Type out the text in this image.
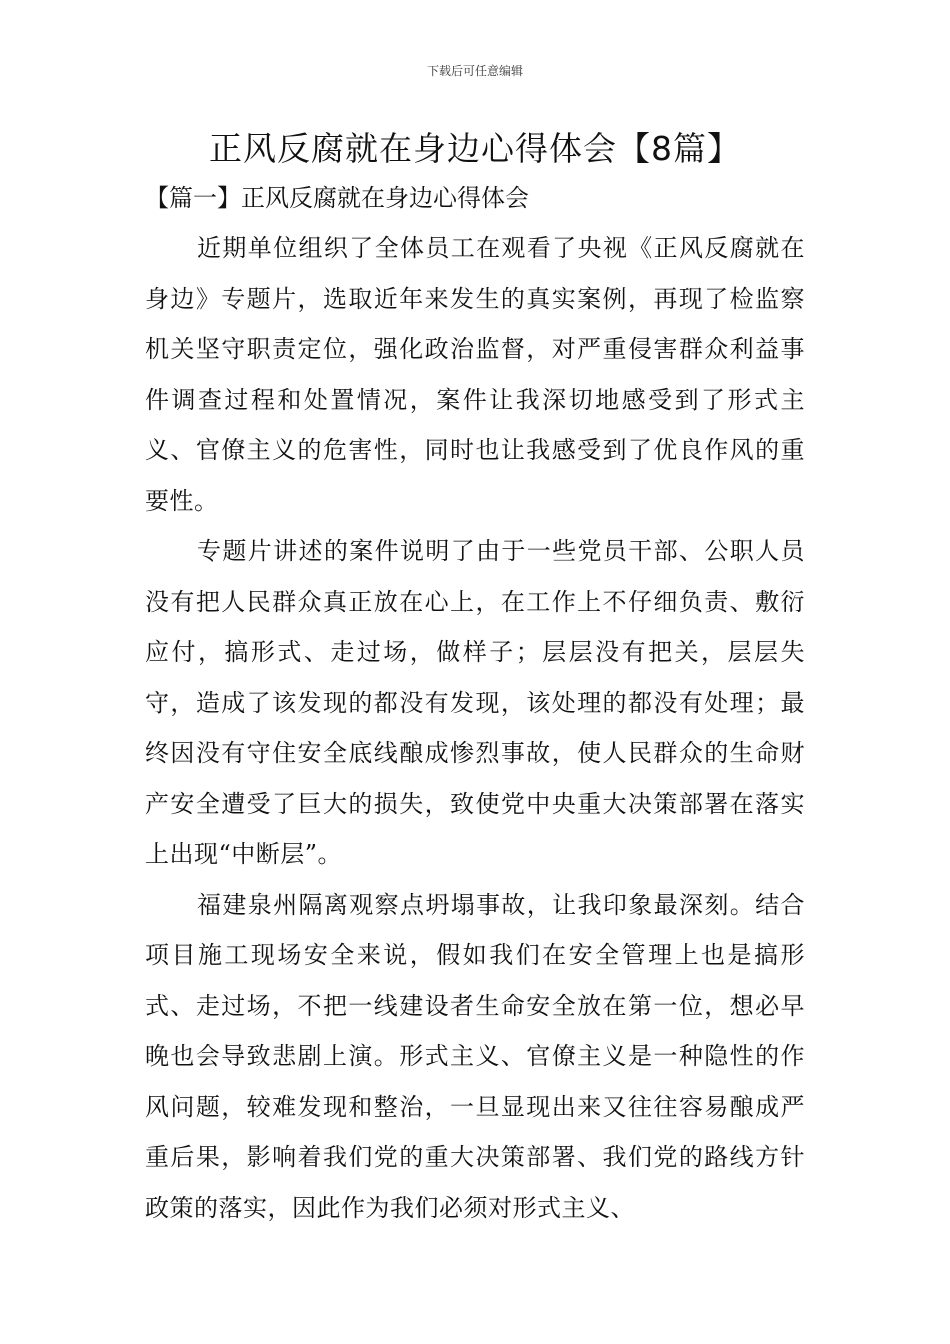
下载后可任意编辑
正风反腐就在身边心得体会【8篇】
【篇一】正风反腐就在身边心得体会

近期单位组织了全体员工在观看了央视《正风反腐就在身边》专题片，选取近年来发生的真实案例，再现了检监察机关坚守职责定位，强化政治监督，对严重侵害群众利益事件调查过程和处置情况，案件让我深切地感受到了形式主义、官僚主义的危害性，同时也让我感受到了优良作风的重要性。

专题片讲述的案件说明了由于一些党员干部、公职人员没有把人民群众真正放在心上，在工作上不仔细负责、敷衍应付，搞形式、走过场，做样子；层层没有把关，层层失守，造成了该发现的都没有发现，该处理的都没有处理；最终因没有守住安全底线酿成惨烈事故，使人民群众的生命财产安全遭受了巨大的损失，致使党中央重大决策部署在落实上出现“中断层”。

福建泉州隔离观察点坍塌事故，让我印象最深刻。结合项目施工现场安全来说，假如我们在安全管理上也是搞形式、走过场，不把一线建设者生命安全放在第一位，想必早晚也会导致悲剧上演。形式主义、官僚主义是一种隐性的作风问题，较难发现和整治，一旦显现出来又往往容易酿成严重后果，影响着我们党的重大决策部署、我们党的路线方针政策的落实，因此作为我们必须对形式主义、
